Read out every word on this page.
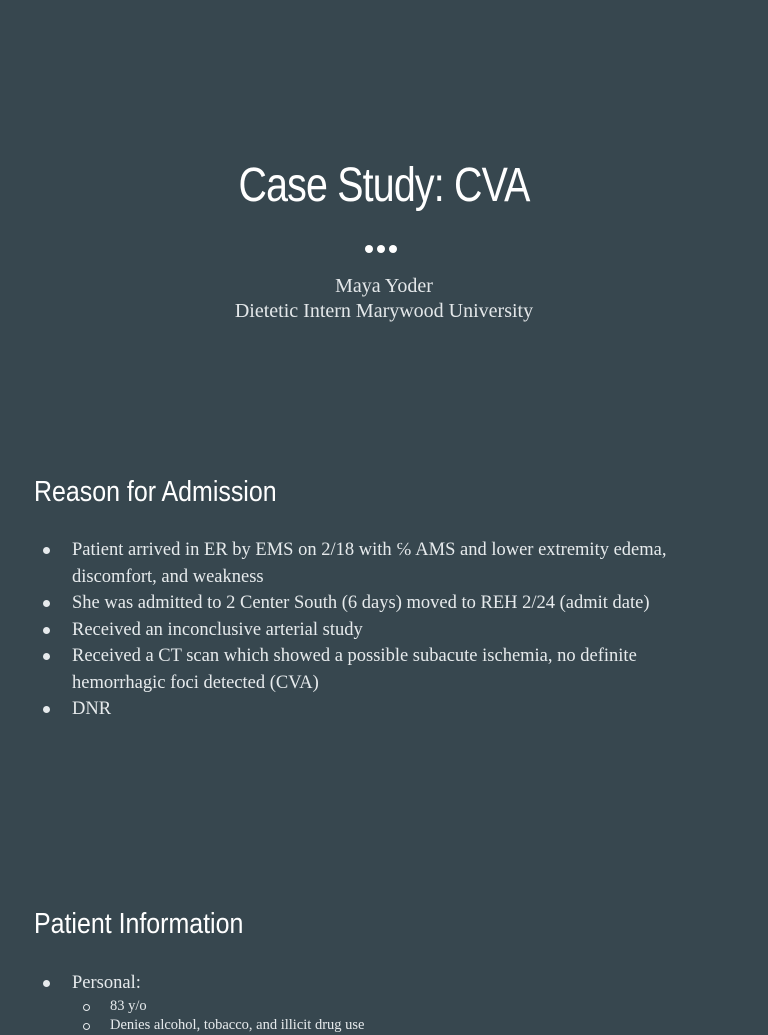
Case Study: CVA
Maya Yoder
Dietetic Intern Marywood University
Reason for Admission
Patient arrived in ER by EMS on 2/18 with ℅ AMS and lower extremity edema, discomfort, and weakness
She was admitted to 2 Center South (6 days) moved to REH 2/24 (admit date)
Received an inconclusive arterial study
Received a CT scan which showed a possible subacute ischemia, no definite hemorrhagic foci detected (CVA)
DNR
Patient Information
Personal:
83 y/o
Denies alcohol, tobacco, and illicit drug use
